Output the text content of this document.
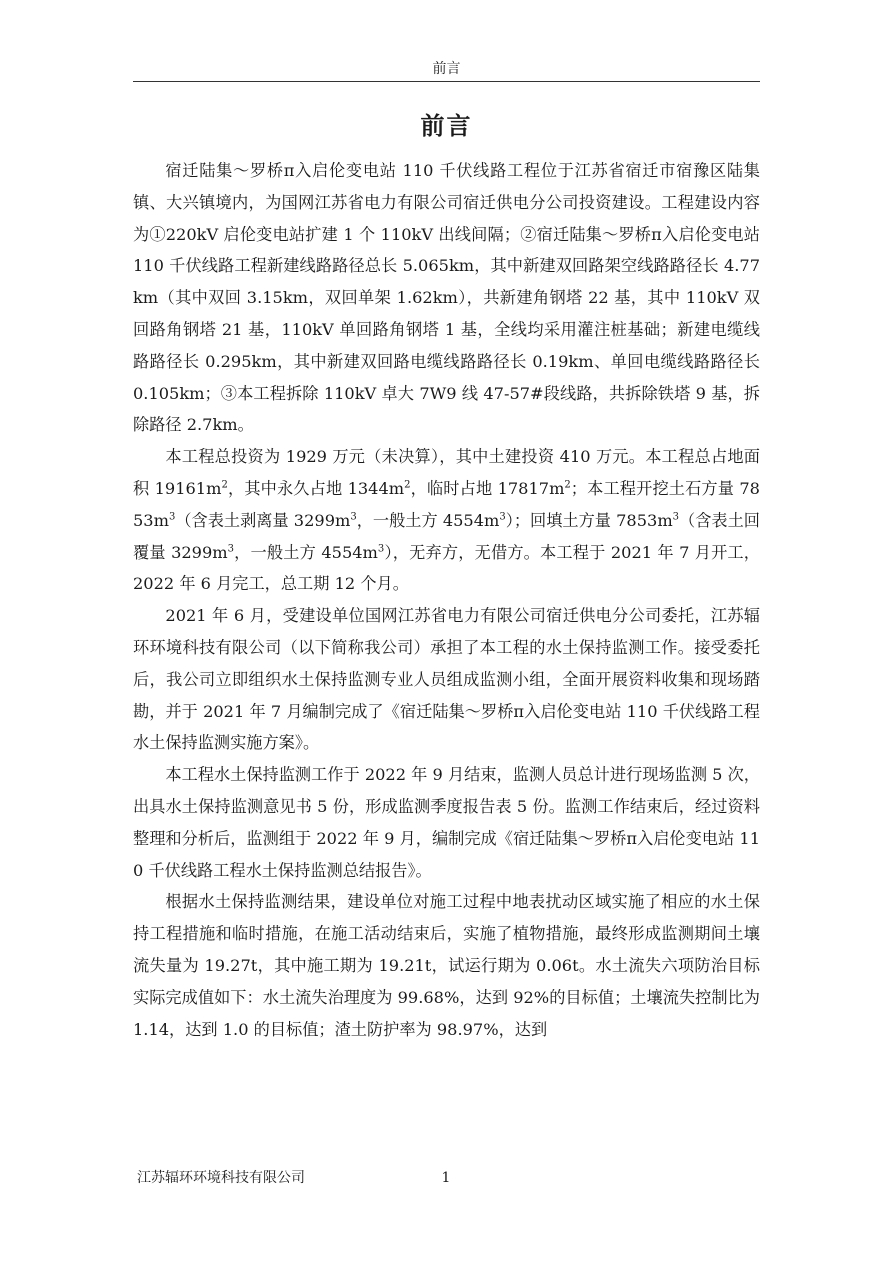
前言
前言

宿迁陆集～罗桥π入启伦变电站 110 千伏线路工程位于江苏省宿迁市宿豫区陆集镇、大兴镇境内，为国网江苏省电力有限公司宿迁供电分公司投资建设。工程建设内容为①220kV 启伦变电站扩建 1 个 110kV 出线间隔；②宿迁陆集～罗桥π入启伦变电站 110 千伏线路工程新建线路路径总长 5.065km，其中新建双回路架空线路路径长 4.77km（其中双回 3.15km，双回单架 1.62km），共新建角钢塔 22 基，其中 110kV 双回路角钢塔 21 基，110kV 单回路角钢塔 1 基，全线均采用灌注桩基础；新建电缆线路路径长 0.295km，其中新建双回路电缆线路路径长 0.19km、单回电缆线路路径长 0.105km；③本工程拆除 110kV 卓大 7W9 线 47-57#段线路，共拆除铁塔 9 基，拆除路径 2.7km。

本工程总投资为 1929 万元（未决算），其中土建投资 410 万元。本工程总占地面积 $19161m^2$，其中永久占地 $1344m^2$，临时占地 $17817m^2$；本工程开挖土石方量 $7853m^3$（含表土剥离量 $3299m^3$，一般土方 $4554m^3$）；回填土方量 $7853m^3$（含表土回覆量 $3299m^3$，一般土方 $4554m^3$），无弃方，无借方。本工程于 2021 年 7 月开工，2022 年 6 月完工，总工期 12 个月。

2021 年 6 月，受建设单位国网江苏省电力有限公司宿迁供电分公司委托，江苏辐环环境科技有限公司（以下简称我公司）承担了本工程的水土保持监测工作。接受委托后，我公司立即组织水土保持监测专业人员组成监测小组，全面开展资料收集和现场踏勘，并于 2021 年 7 月编制完成了《宿迁陆集～罗桥π入启伦变电站 110 千伏线路工程水土保持监测实施方案》。

本工程水土保持监测工作于 2022 年 9 月结束，监测人员总计进行现场监测 5 次，出具水土保持监测意见书 5 份，形成监测季度报告表 5 份。监测工作结束后，经过资料整理和分析后，监测组于 2022 年 9 月，编制完成《宿迁陆集～罗桥π入启伦变电站 110 千伏线路工程水土保持监测总结报告》。

根据水土保持监测结果，建设单位对施工过程中地表扰动区域实施了相应的水土保持工程措施和临时措施，在施工活动结束后，实施了植物措施，最终形成监测期间土壤流失量为 19.27t，其中施工期为 19.21t，试运行期为 0.06t。水土流失六项防治目标实际完成值如下：水土流失治理度为 99.68%，达到 92%的目标值；土壤流失控制比为 1.14，达到 1.0 的目标值；渣土防护率为 98.97%，达到

江苏辐环环境科技有限公司	1
